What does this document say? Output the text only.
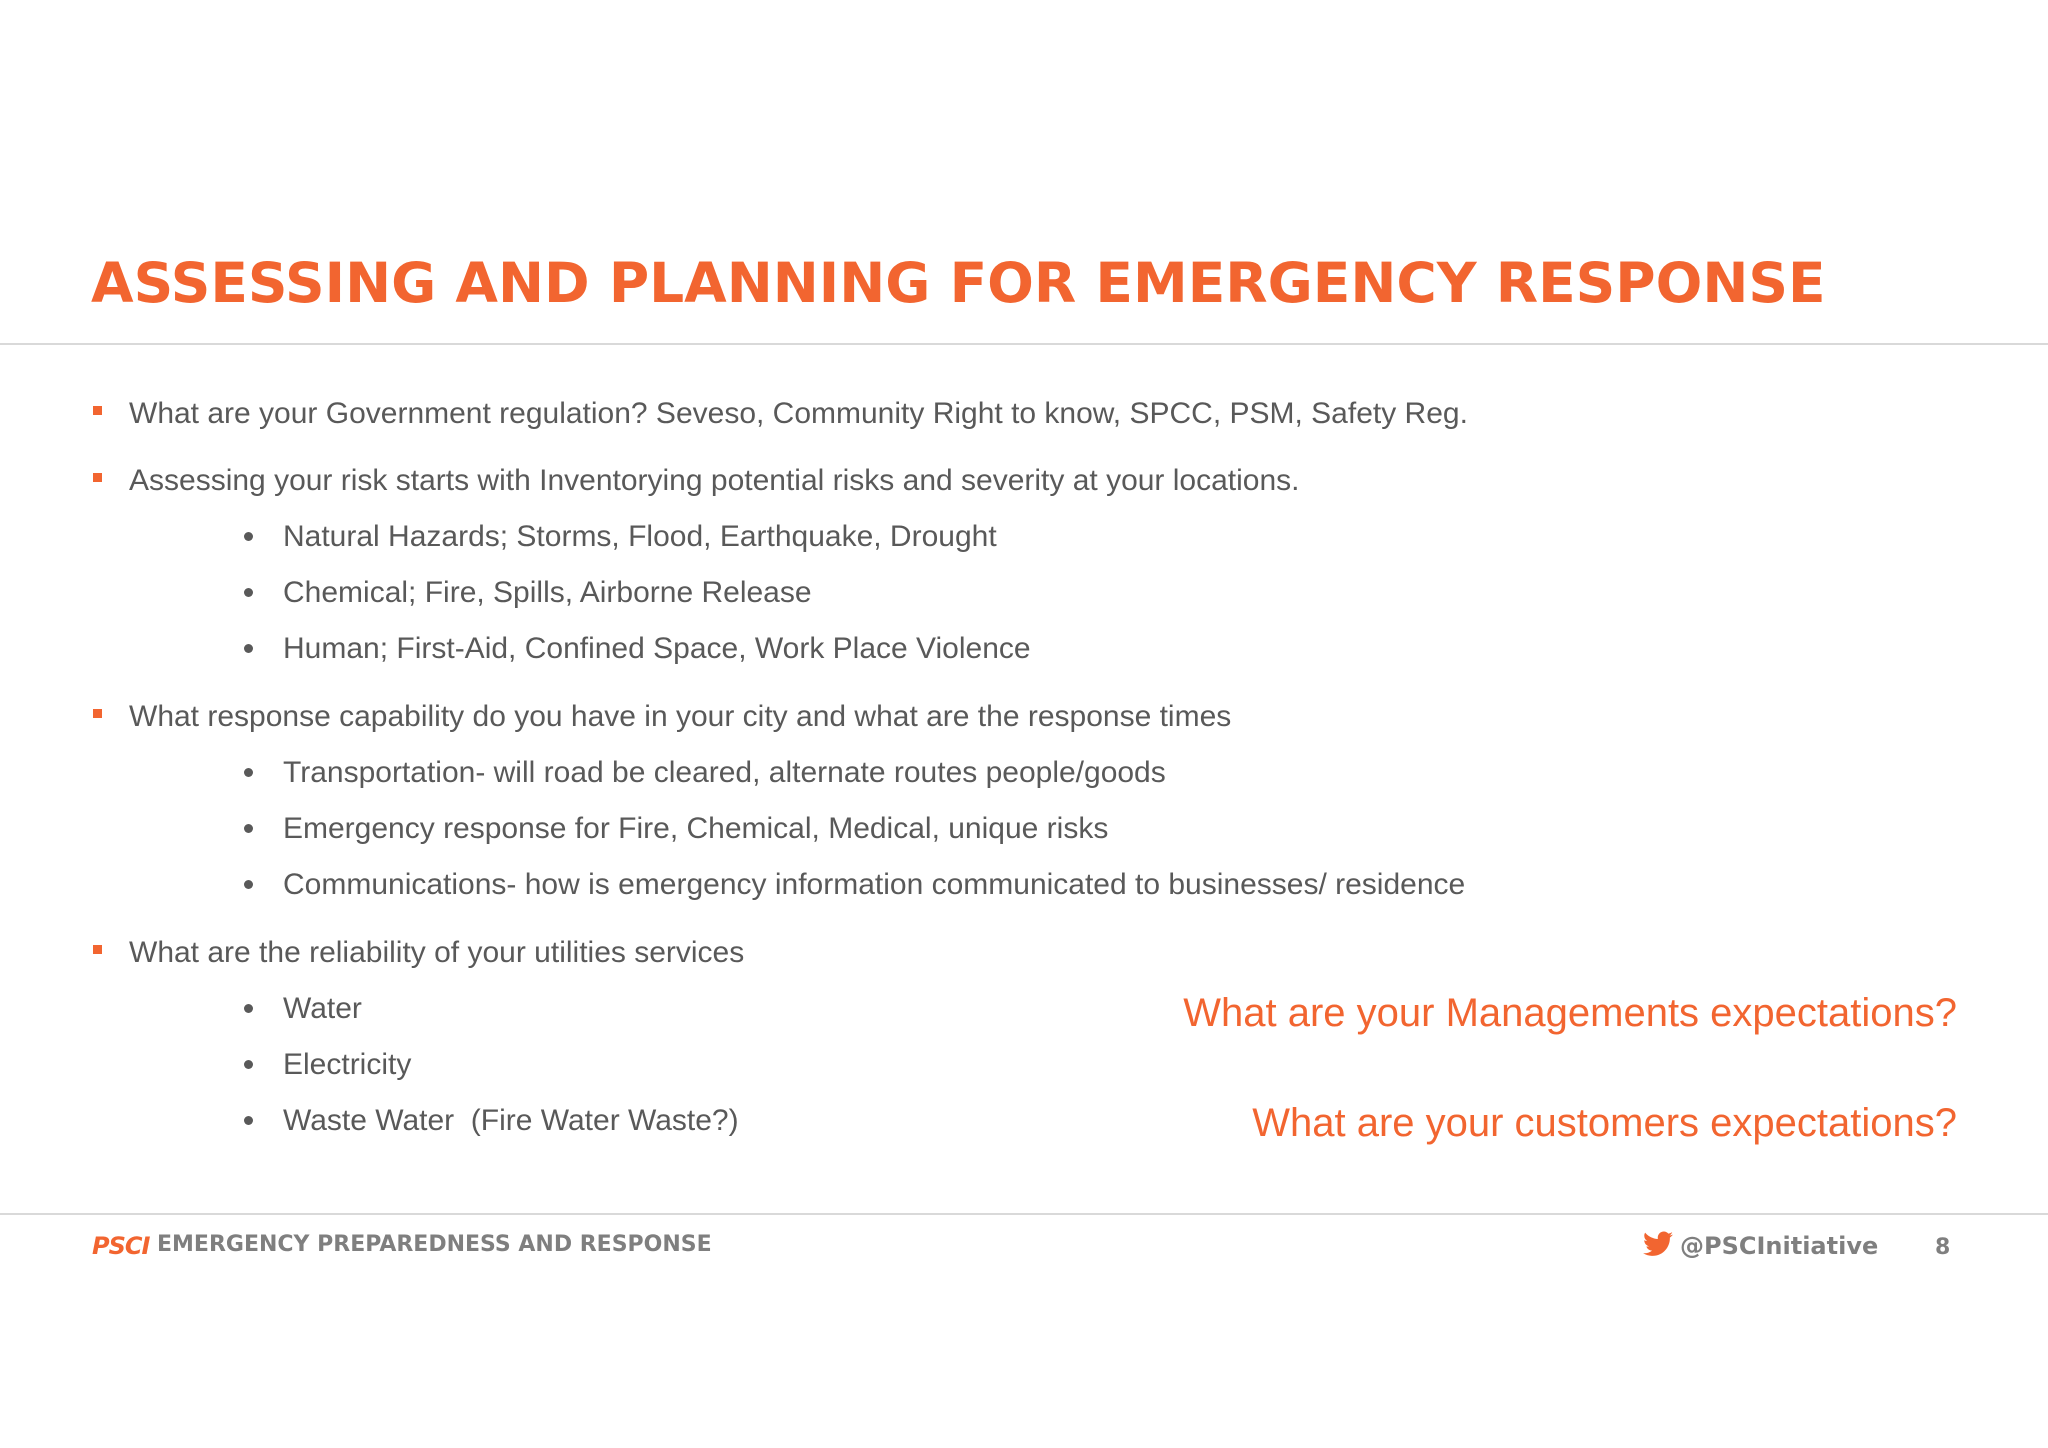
ASSESSING AND PLANNING FOR EMERGENCY RESPONSE
What are your Government regulation? Seveso, Community Right to know, SPCC, PSM, Safety Reg.
Assessing your risk starts with Inventorying potential risks and severity at your locations.
Natural Hazards; Storms, Flood, Earthquake, Drought
Chemical; Fire, Spills, Airborne Release
Human; First-Aid, Confined Space, Work Place Violence
What response capability do you have in your city and what are the response times
Transportation- will road be cleared, alternate routes people/goods
Emergency response for Fire, Chemical, Medical, unique risks
Communications- how is emergency information communicated to businesses/ residence
What are the reliability of your utilities services
Water
Electricity
Waste Water  (Fire Water Waste?)
What are your Managements expectations?
What are your customers expectations?
PSCI EMERGENCY PREPAREDNESS AND RESPONSE	@PSCInitiative	8
